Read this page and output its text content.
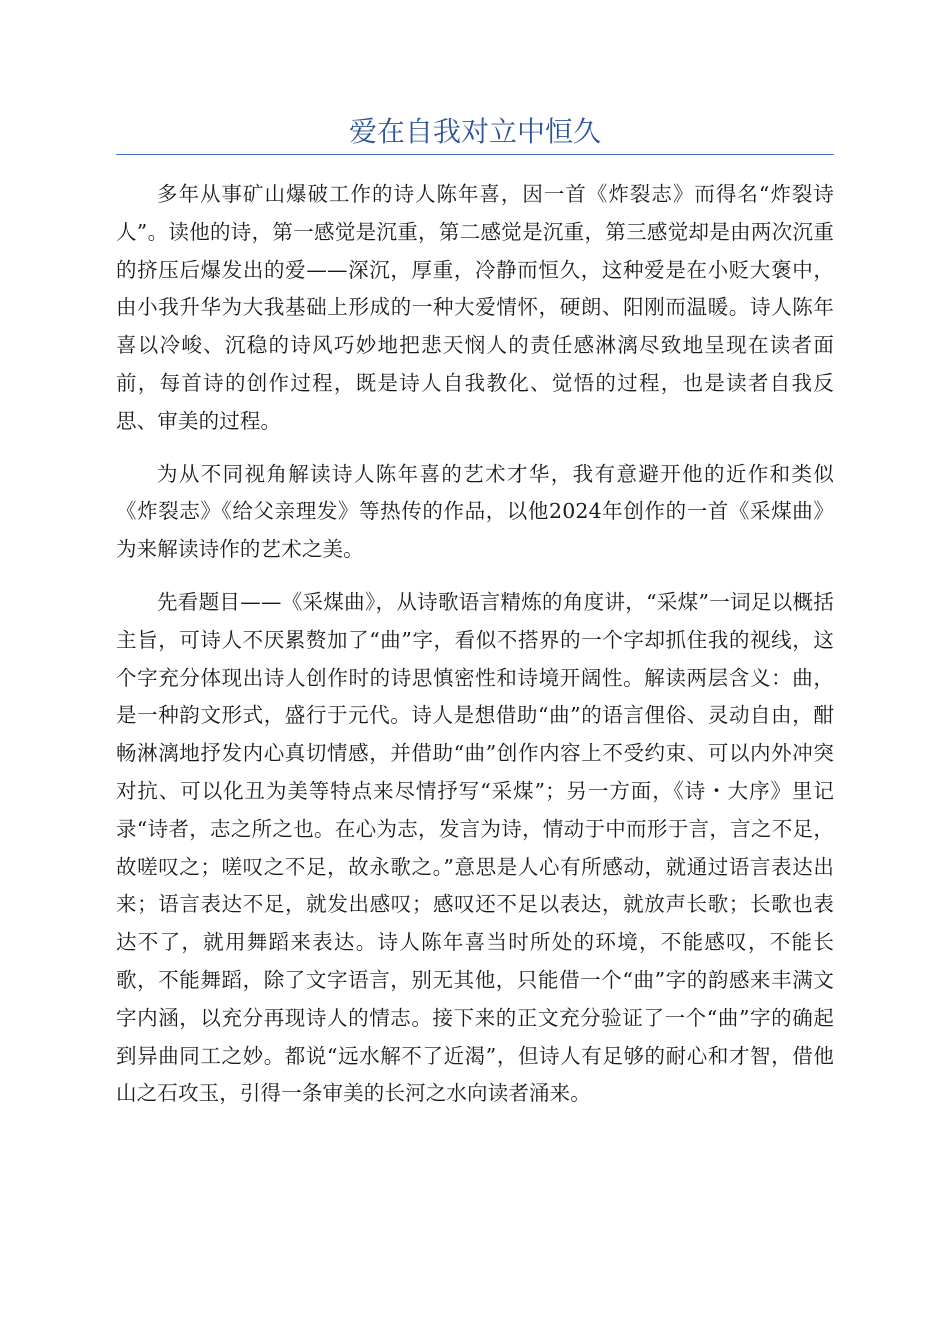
爱在自我对立中恒久

多年从事矿山爆破工作的诗人陈年喜，因一首《炸裂志》而得名“炸裂诗人”。读他的诗，第一感觉是沉重，第二感觉是沉重，第三感觉却是由两次沉重的挤压后爆发出的爱——深沉，厚重，冷静而恒久，这种爱是在小贬大褒中，由小我升华为大我基础上形成的一种大爱情怀，硬朗、阳刚而温暖。诗人陈年喜以冷峻、沉稳的诗风巧妙地把悲天悯人的责任感淋漓尽致地呈现在读者面前，每首诗的创作过程，既是诗人自我教化、觉悟的过程，也是读者自我反思、审美的过程。

为从不同视角解读诗人陈年喜的艺术才华，我有意避开他的近作和类似《炸裂志》《给父亲理发》等热传的作品，以他2024年创作的一首《采煤曲》为来解读诗作的艺术之美。

先看题目——《采煤曲》，从诗歌语言精炼的角度讲，“采煤”一词足以概括主旨，可诗人不厌累赘加了“曲”字，看似不搭界的一个字却抓住我的视线，这个字充分体现出诗人创作时的诗思慎密性和诗境开阔性。解读两层含义：曲，是一种韵文形式，盛行于元代。诗人是想借助“曲”的语言俚俗、灵动自由，酣畅淋漓地抒发内心真切情感，并借助“曲”创作内容上不受约束、可以内外冲突对抗、可以化丑为美等特点来尽情抒写“采煤”；另一方面，《诗・大序》里记录“诗者，志之所之也。在心为志，发言为诗，情动于中而形于言，言之不足，故嗟叹之；嗟叹之不足，故永歌之。”意思是人心有所感动，就通过语言表达出来；语言表达不足，就发出感叹；感叹还不足以表达，就放声长歌；长歌也表达不了，就用舞蹈来表达。诗人陈年喜当时所处的环境，不能感叹，不能长歌，不能舞蹈，除了文字语言，别无其他，只能借一个“曲”字的韵感来丰满文字内涵，以充分再现诗人的情志。接下来的正文充分验证了一个“曲”字的确起到异曲同工之妙。都说“远水解不了近渴”，但诗人有足够的耐心和才智，借他山之石攻玉，引得一条审美的长河之水向读者涌来。
